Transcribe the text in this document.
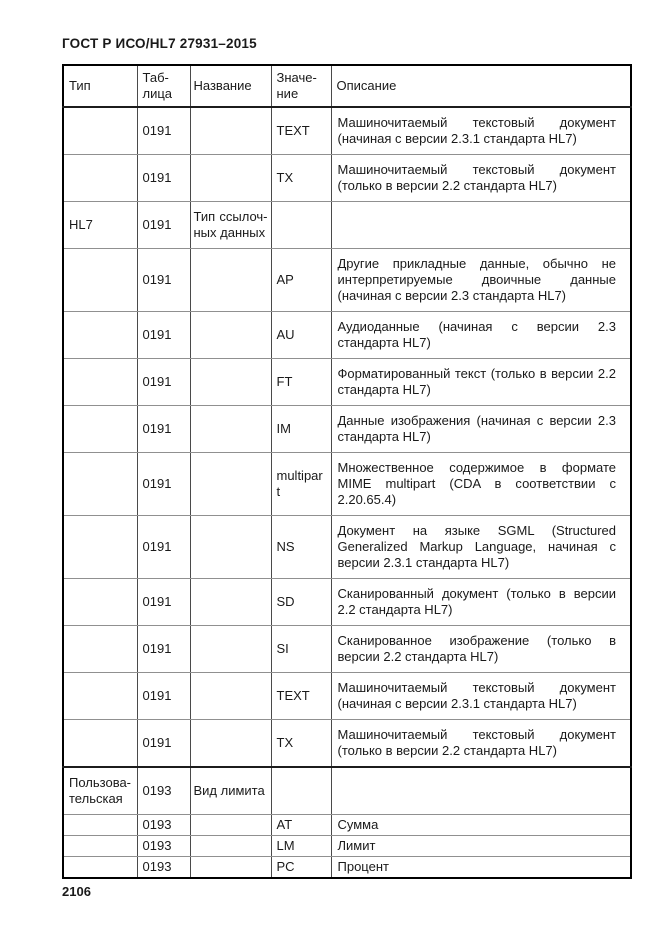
ГОСТ Р ИСО/HL7 27931–2015
Тип	Таб-лица	Название	Значе-ние	Описание
	0191		TEXT	Машиночитаемый текстовый документ (начиная с версии 2.3.1 стандарта HL7)
	0191		TX	Машиночитаемый текстовый документ (только в версии 2.2 стандарта HL7)
HL7	0191	Тип ссылоч-ных данных		
	0191		AP	Другие прикладные данные, обычно не интерпретируемые двоичные данные (начиная с версии 2.3 стандарта HL7)
	0191		AU	Аудиоданные (начиная с версии 2.3 стандарта HL7)
	0191		FT	Форматированный текст (только в версии 2.2 стандарта HL7)
	0191		IM	Данные изображения (начиная с версии 2.3 стандарта HL7)
	0191		multipart	Множественное содержимое в формате MIME multipart (CDA в соответствии с 2.20.65.4)
	0191		NS	Документ на языке SGML (Structured Generalized Markup Language, начиная с версии 2.3.1 стандарта HL7)
	0191		SD	Сканированный документ (только в версии 2.2 стандарта HL7)
	0191		SI	Сканированное изображение (только в версии 2.2 стандарта HL7)
	0191		TEXT	Машиночитаемый текстовый документ (начиная с версии 2.3.1 стандарта HL7)
	0191		TX	Машиночитаемый текстовый документ (только в версии 2.2 стандарта HL7)
Пользова-тельская	0193	Вид лимита		
	0193		AT	Сумма
	0193		LM	Лимит
	0193		PC	Процент
2106
